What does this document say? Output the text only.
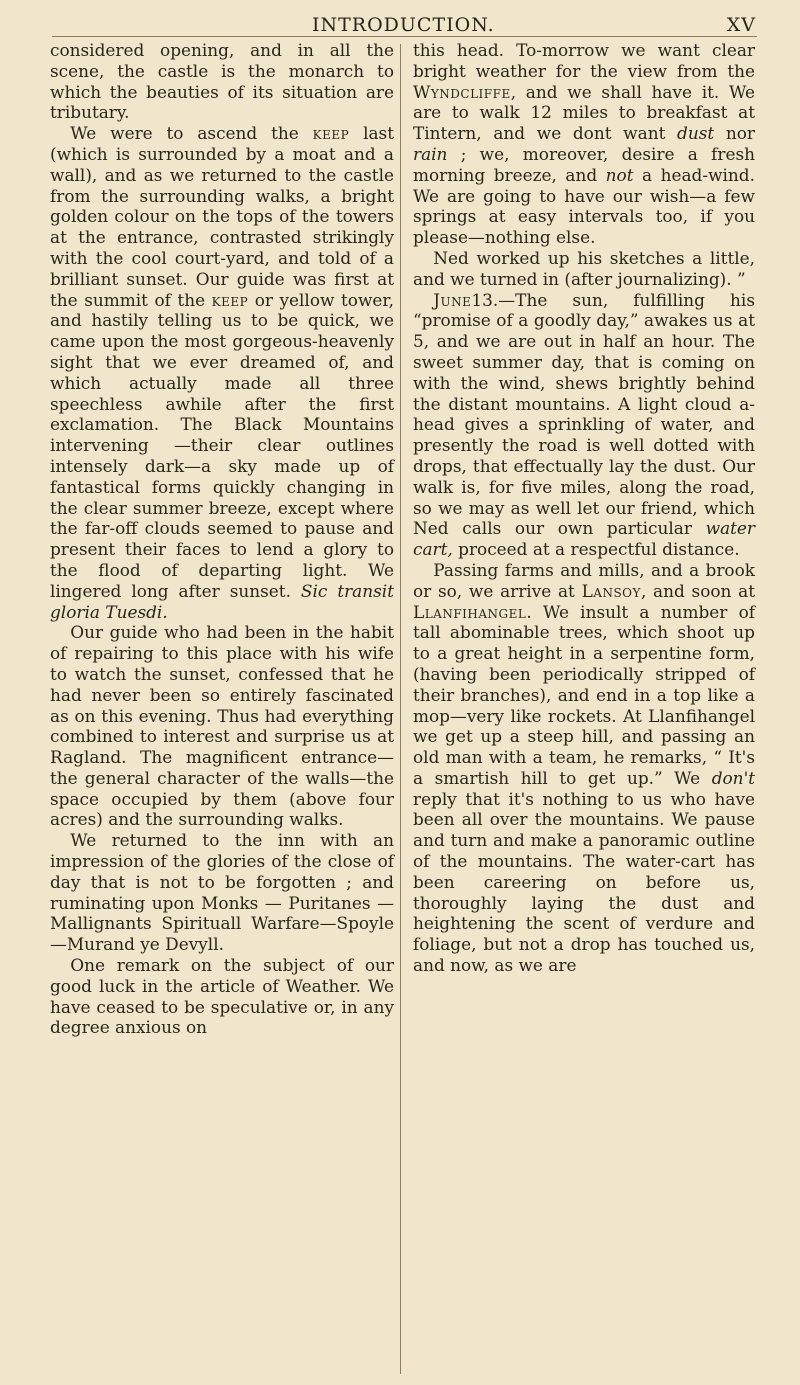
INTRODUCTION.	XV

considered opening, and in all the scene, the castle is the monarch to which the beauties of its situation are tributary.

We were to ascend the keep last (which is surrounded by a moat and a wall), and as we returned to the castle from the surrounding walks, a bright golden colour on the tops of the towers at the entrance, contrasted strikingly with the cool court-yard, and told of a brilliant sunset. Our guide was first at the summit of the keep or yellow tower, and hastily telling us to be quick, we came upon the most gorgeous-heavenly sight that we ever dreamed of, and which actually made all three speechless awhile after the first exclamation. The Black Mountains intervening —their clear outlines intensely dark—a sky made up of fantastical forms quickly changing in the clear summer breeze, except where the far-off clouds seemed to pause and present their faces to lend a glory to the flood of departing light. We lingered long after sunset. Sic transit gloria Tuesdi.

Our guide who had been in the habit of repairing to this place with his wife to watch the sunset, confessed that he had never been so entirely fascinated as on this evening. Thus had everything combined to interest and surprise us at Ragland. The magnificent entrance—the general character of the walls—the space occupied by them (above four acres) and the surrounding walks.

We returned to the inn with an impression of the glories of the close of day that is not to be forgotten ; and ruminating upon Monks — Puritanes — Mallignants Spirituall Warfare—Spoyle—Murand ye Devyll.

One remark on the subject of our good luck in the article of Weather. We have ceased to be speculative or, in any degree anxious on

this head. To-morrow we want clear bright weather for the view from the Wyndcliffe, and we shall have it. We are to walk 12 miles to breakfast at Tintern, and we dont want dust nor rain ; we, moreover, desire a fresh morning breeze, and not a head-wind. We are going to have our wish—a few springs at easy intervals too, if you please—nothing else.

Ned worked up his sketches a little, and we turned in (after journalizing). ”

June13.—The sun, fulfilling his “promise of a goodly day,” awakes us at 5, and we are out in half an hour. The sweet summer day, that is coming on with the wind, shews brightly behind the distant mountains. A light cloud a-head gives a sprinkling of water, and presently the road is well dotted with drops, that effectually lay the dust. Our walk is, for five miles, along the road, so we may as well let our friend, which Ned calls our own particular water cart, proceed at a respectful distance.

Passing farms and mills, and a brook or so, we arrive at Lansoy, and soon at Llanfihangel. We insult a number of tall abominable trees, which shoot up to a great height in a serpentine form, (having been periodically stripped of their branches), and end in a top like a mop—very like rockets. At Llanfihangel we get up a steep hill, and passing an old man with a team, he remarks, “ It's a smartish hill to get up.” We don't reply that it's nothing to us who have been all over the mountains. We pause and turn and make a panoramic outline of the mountains. The water-cart has been careering on before us, thoroughly laying the dust and heightening the scent of verdure and foliage, but not a drop has touched us, and now, as we are
